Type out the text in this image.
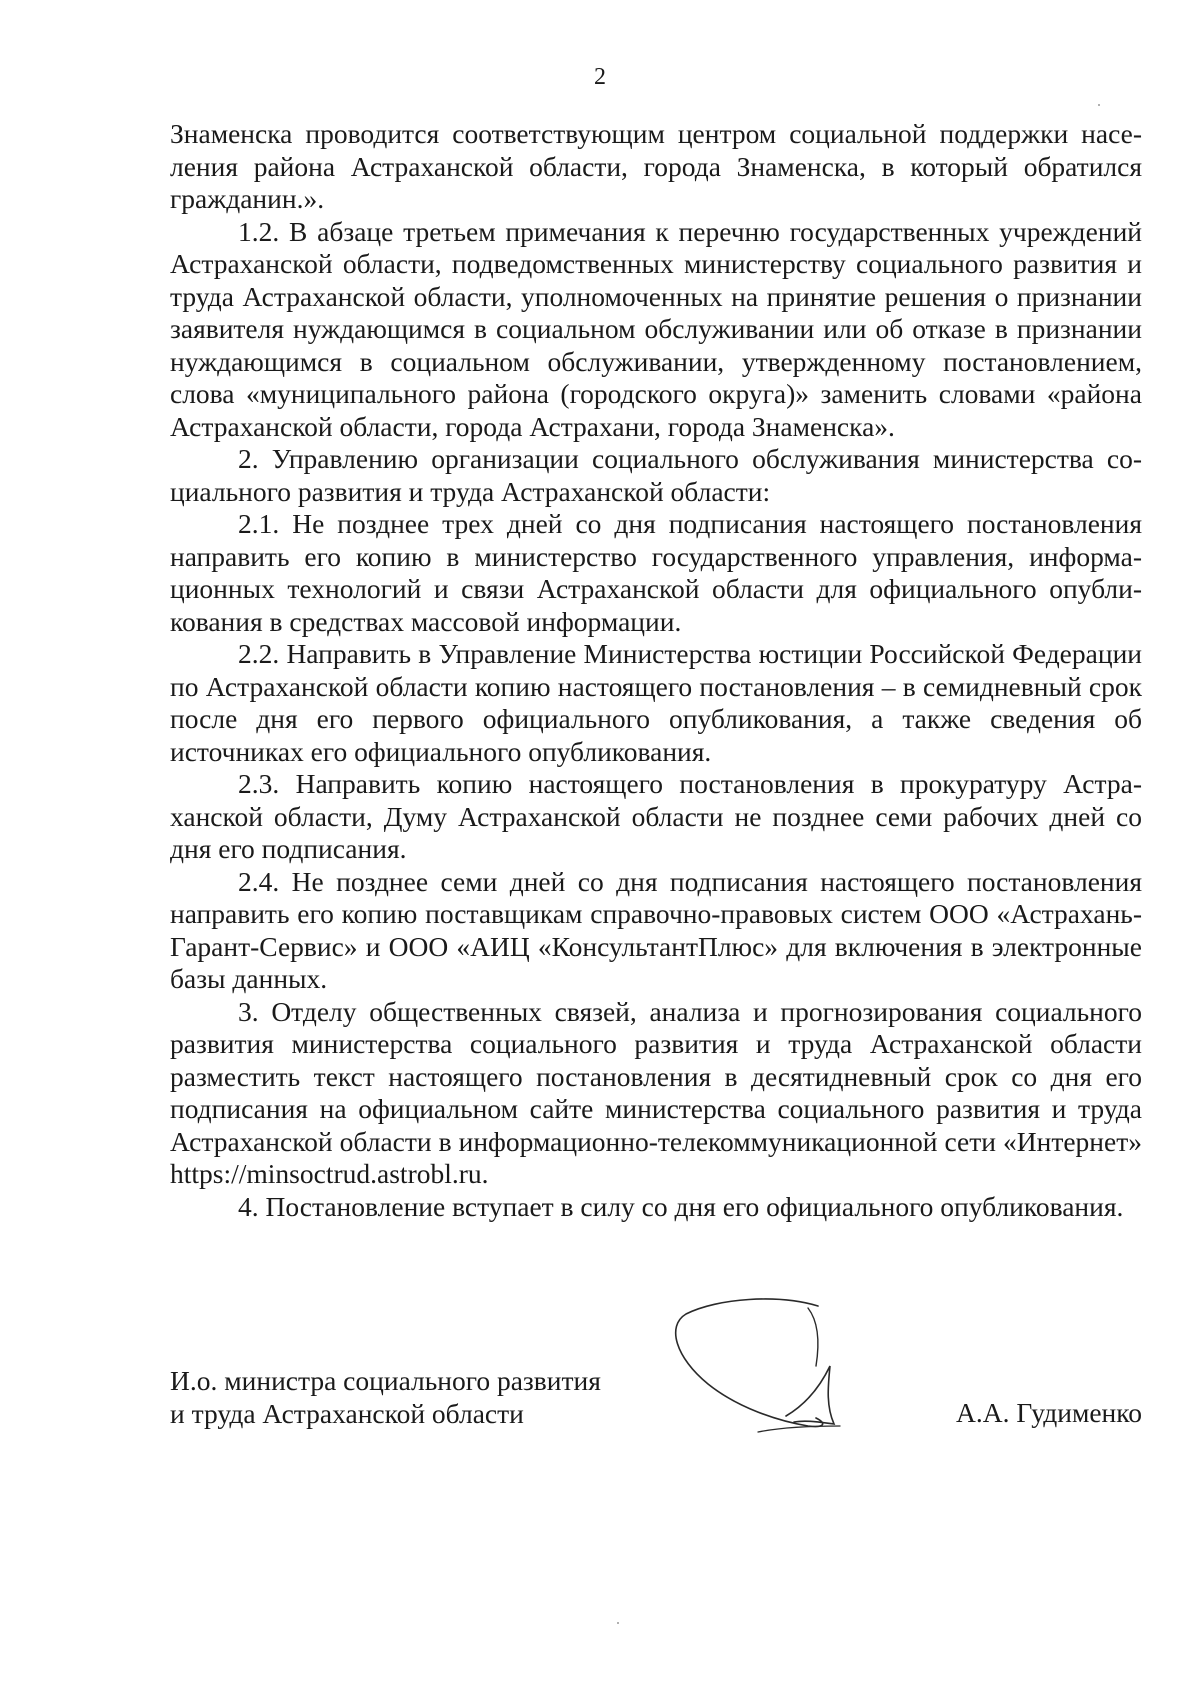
2

Знаменска проводится соответствующим центром социальной поддержки населения района Астраханской области, города Знаменска, в который обратился гражданин.».

1.2. В абзаце третьем примечания к перечню государственных учреждений Астраханской области, подведомственных министерству социального развития и труда Астраханской области, уполномоченных на принятие решения о признании заявителя нуждающимся в социальном обслуживании или об отказе в признании нуждающимся в социальном обслуживании, утвержденному постановлением, слова «муниципального района (городского округа)» заменить словами «района Астраханской области, города Астрахани, города Знаменска».

2. Управлению организации социального обслуживания министерства социального развития и труда Астраханской области:

2.1. Не позднее трех дней со дня подписания настоящего постановления направить его копию в министерство государственного управления, информационных технологий и связи Астраханской области для официального опубликования в средствах массовой информации.

2.2. Направить в Управление Министерства юстиции Российской Федерации по Астраханской области копию настоящего постановления – в семидневный срок после дня его первого официального опубликования, а также сведения об источниках его официального опубликования.

2.3. Направить копию настоящего постановления в прокуратуру Астраханской области, Думу Астраханской области не позднее семи рабочих дней со дня его подписания.

2.4. Не позднее семи дней со дня подписания настоящего постановления направить его копию поставщикам справочно-правовых систем ООО «Астрахань-Гарант-Сервис» и ООО «АИЦ «КонсультантПлюс» для включения в электронные базы данных.

3. Отделу общественных связей, анализа и прогнозирования социального развития министерства социального развития и труда Астраханской области разместить текст настоящего постановления в десятидневный срок со дня его подписания на официальном сайте министерства социального развития и труда Астраханской области в информационно-телекоммуникационной сети «Интернет» https://minsoctrud.astrobl.ru.

4. Постановление вступает в силу со дня его официального опубликования.

И.о. министра социального развития
и труда Астраханской области	А.А. Гудименко
